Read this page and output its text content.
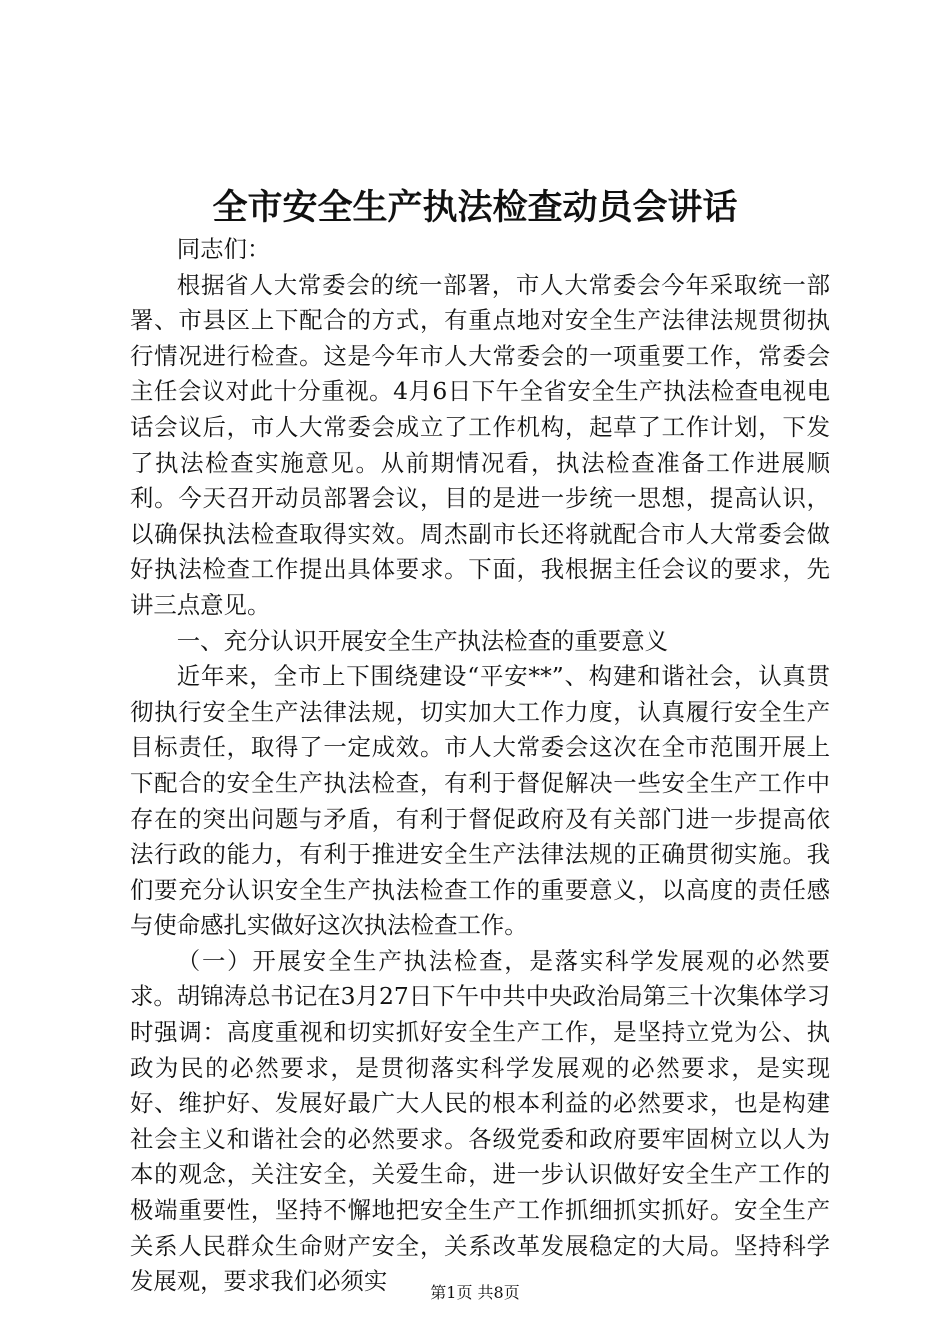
全市安全生产执法检查动员会讲话

同志们：

根据省人大常委会的统一部署，市人大常委会今年采取统一部署、市县区上下配合的方式，有重点地对安全生产法律法规贯彻执行情况进行检查。这是今年市人大常委会的一项重要工作，常委会主任会议对此十分重视。4月6日下午全省安全生产执法检查电视电话会议后，市人大常委会成立了工作机构，起草了工作计划，下发了执法检查实施意见。从前期情况看，执法检查准备工作进展顺利。今天召开动员部署会议，目的是进一步统一思想，提高认识，以确保执法检查取得实效。周杰副市长还将就配合市人大常委会做好执法检查工作提出具体要求。下面，我根据主任会议的要求，先讲三点意见。

一、充分认识开展安全生产执法检查的重要意义

近年来，全市上下围绕建设“平安**”、构建和谐社会，认真贯彻执行安全生产法律法规，切实加大工作力度，认真履行安全生产目标责任，取得了一定成效。市人大常委会这次在全市范围开展上下配合的安全生产执法检查，有利于督促解决一些安全生产工作中存在的突出问题与矛盾，有利于督促政府及有关部门进一步提高依法行政的能力，有利于推进安全生产法律法规的正确贯彻实施。我们要充分认识安全生产执法检查工作的重要意义，以高度的责任感与使命感扎实做好这次执法检查工作。

（一）开展安全生产执法检查，是落实科学发展观的必然要求。胡锦涛总书记在3月27日下午中共中央政治局第三十次集体学习时强调：高度重视和切实抓好安全生产工作，是坚持立党为公、执政为民的必然要求，是贯彻落实科学发展观的必然要求，是实现好、维护好、发展好最广大人民的根本利益的必然要求，也是构建社会主义和谐社会的必然要求。各级党委和政府要牢固树立以人为本的观念，关注安全，关爱生命，进一步认识做好安全生产工作的极端重要性，坚持不懈地把安全生产工作抓细抓实抓好。安全生产关系人民群众生命财产安全，关系改革发展稳定的大局。坚持科学发展观，要求我们必须实	第1页 共8页
